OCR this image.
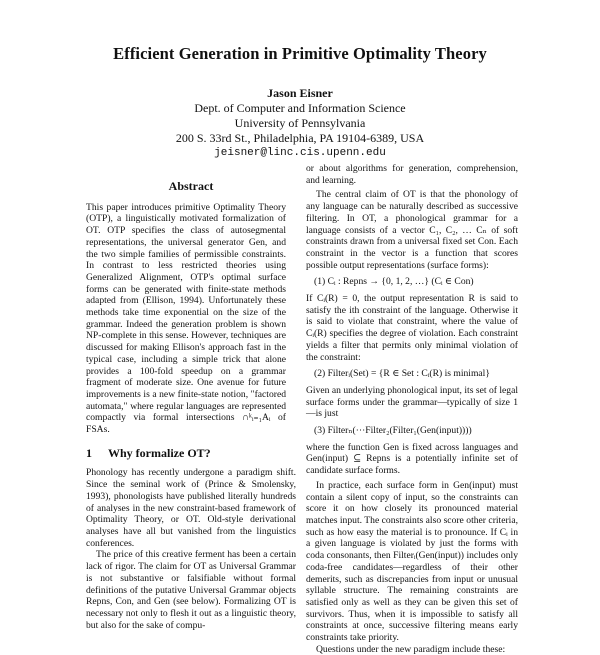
Efficient Generation in Primitive Optimality Theory
Jason Eisner
Dept. of Computer and Information Science
University of Pennsylvania
200 S. 33rd St., Philadelphia, PA 19104-6389, USA
jeisner@linc.cis.upenn.edu

Abstract

This paper introduces primitive Optimality Theory (OTP), a linguistically motivated formalization of OT. OTP specifies the class of autosegmental representations, the universal generator Gen, and the two simple families of permissible constraints. In contrast to less restricted theories using Generalized Alignment, OTP's optimal surface forms can be generated with finite-state methods adapted from (Ellison, 1994). Unfortunately these methods take time exponential on the size of the grammar. Indeed the generation problem is shown NP-complete in this sense. However, techniques are discussed for making Ellison's approach fast in the typical case, including a simple trick that alone provides a 100-fold speedup on a grammar fragment of moderate size. One avenue for future improvements is a new finite-state notion, "factored automata," where regular languages are represented compactly via formal intersections ∩ᵏᵢ₌₁Aᵢ of FSAs.

1 Why formalize OT?

Phonology has recently undergone a paradigm shift. Since the seminal work of (Prince & Smolensky, 1993), phonologists have published literally hundreds of analyses in the new constraint-based framework of Optimality Theory, or OT. Old-style derivational analyses have all but vanished from the linguistics conferences.

The price of this creative ferment has been a certain lack of rigor. The claim for OT as Universal Grammar is not substantive or falsifiable without formal definitions of the putative Universal Grammar objects Repns, Con, and Gen (see below). Formalizing OT is necessary not only to flesh it out as a linguistic theory, but also for the sake of compu-

or about algorithms for generation, comprehension, and learning.

The central claim of OT is that the phonology of any language can be naturally described as successive filtering. In OT, a phonological grammar for a language consists of a vector C₁, C₂, … Cₙ of soft constraints drawn from a universal fixed set Con. Each constraint in the vector is a function that scores possible output representations (surface forms):

(1) Cᵢ : Repns → {0, 1, 2, …} (Cᵢ ∈ Con)

If Cᵢ(R) = 0, the output representation R is said to satisfy the ith constraint of the language. Otherwise it is said to violate that constraint, where the value of Cᵢ(R) specifies the degree of violation. Each constraint yields a filter that permits only minimal violation of the constraint:

(2) Filterᵢ(Set) = {R ∈ Set : Cᵢ(R) is minimal}

Given an underlying phonological input, its set of legal surface forms under the grammar—typically of size 1—is just

(3) Filterₙ(⋯Filter₂(Filter₁(Gen(input))))

where the function Gen is fixed across languages and Gen(input) ⊆ Repns is a potentially infinite set of candidate surface forms.

In practice, each surface form in Gen(input) must contain a silent copy of input, so the constraints can score it on how closely its pronounced material matches input. The constraints also score other criteria, such as how easy the material is to pronounce. If Cᵢ in a given language is violated by just the forms with coda consonants, then Filterᵢ(Gen(input)) includes only coda-free candidates—regardless of their other demerits, such as discrepancies from input or unusual syllable structure. The remaining constraints are satisfied only as well as they can be given this set of survivors. Thus, when it is impossible to satisfy all constraints at once, successive filtering means early constraints take priority.

Questions under the new paradigm include these:
